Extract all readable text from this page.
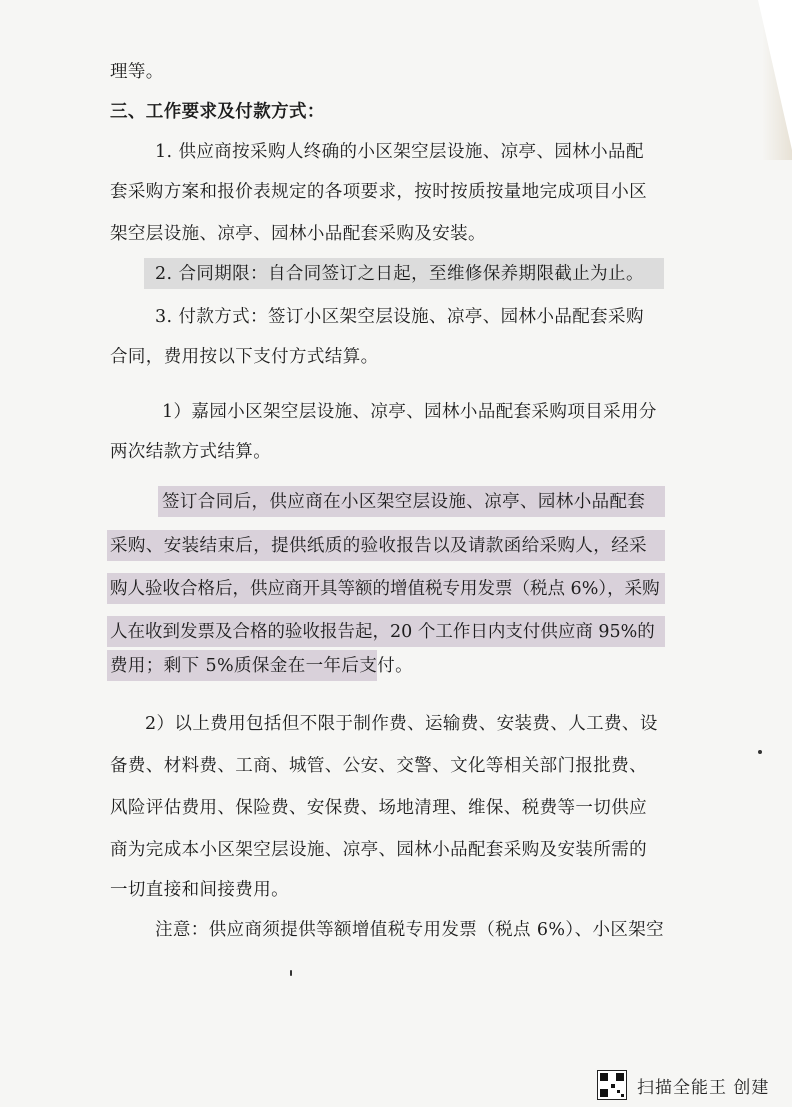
理等。
三、工作要求及付款方式：
1. 供应商按采购人终确的小区架空层设施、凉亭、园林小品配
套采购方案和报价表规定的各项要求，按时按质按量地完成项目小区
架空层设施、凉亭、园林小品配套采购及安装。
2. 合同期限：自合同签订之日起，至维修保养期限截止为止。
3. 付款方式：签订小区架空层设施、凉亭、园林小品配套采购
合同，费用按以下支付方式结算。
1）嘉园小区架空层设施、凉亭、园林小品配套采购项目采用分
两次结款方式结算。
签订合同后，供应商在小区架空层设施、凉亭、园林小品配套
采购、安装结束后，提供纸质的验收报告以及请款函给采购人，经采
购人验收合格后，供应商开具等额的增值税专用发票（税点 6%），采购
人在收到发票及合格的验收报告起，20 个工作日内支付供应商 95%的
费用；剩下 5%质保金在一年后支付。
2）以上费用包括但不限于制作费、运输费、安装费、人工费、设
备费、材料费、工商、城管、公安、交警、文化等相关部门报批费、
风险评估费用、保险费、安保费、场地清理、维保、税费等一切供应
商为完成本小区架空层设施、凉亭、园林小品配套采购及安装所需的
一切直接和间接费用。
注意：供应商须提供等额增值税专用发票（税点 6%）、小区架空
扫描全能王 创建
